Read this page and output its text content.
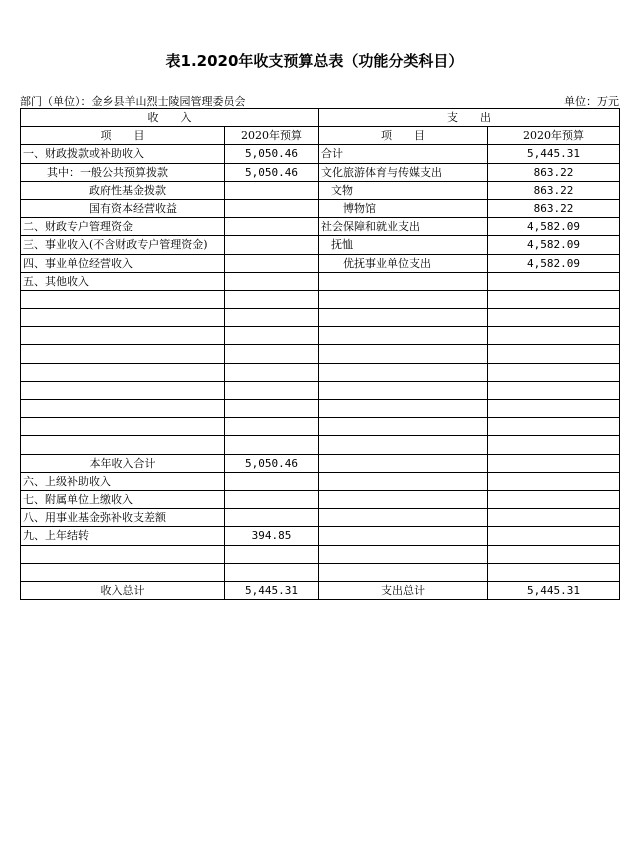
表1.2020年收支预算总表（功能分类科目）
部门（单位）：金乡县羊山烈士陵园管理委员会	单位：万元
收　　入		支　　出	
项　　目	2020年预算	项　　目	2020年预算
一、财政拨款或补助收入	5,050.46	合计	5,445.31
其中：一般公共预算拨款	5,050.46	文化旅游体育与传媒支出	863.22
政府性基金拨款		文物	863.22
国有资本经营收益		博物馆	863.22
二、财政专户管理资金		社会保障和就业支出	4,582.09
三、事业收入(不含财政专户管理资金)		抚恤	4,582.09
四、事业单位经营收入		优抚事业单位支出	4,582.09
五、其他收入			

本年收入合计	5,050.46		
六、上级补助收入			
七、附属单位上缴收入			
八、用事业基金弥补收支差额			
九、上年结转	394.85		

收入总计	5,445.31	支出总计	5,445.31
